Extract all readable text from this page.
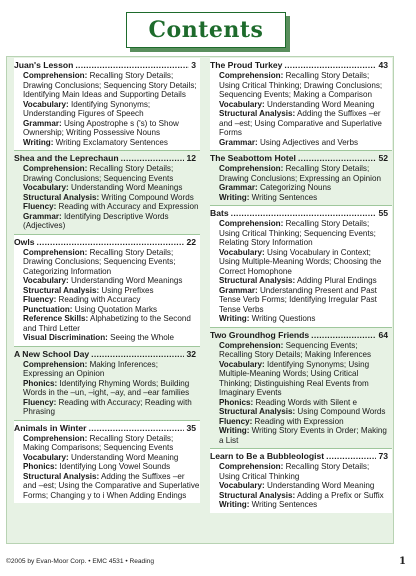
Contents
Juan's Lesson .....	3
Comprehension: Recalling Story Details; Drawing Conclusions; Sequencing Story Details; Identifying Main Ideas and Supporting Details
Vocabulary: Identifying Synonyms; Understanding Figures of Speech
Grammar: Using Apostrophe s ('s) to Show Ownership; Writing Possessive Nouns
Writing: Writing Exclamatory Sentences
Shea and the Leprechaun .....	12
Comprehension: Recalling Story Details; Drawing Conclusions; Sequencing Events
Vocabulary: Understanding Word Meanings
Structural Analysis: Writing Compound Words
Fluency: Reading with Accuracy and Expression
Grammar: Identifying Descriptive Words (Adjectives)
Owls .....	22
Comprehension: Recalling Story Details; Drawing Conclusions; Sequencing Events; Categorizing Information
Vocabulary: Understanding Word Meanings
Structural Analysis: Using Prefixes
Fluency: Reading with Accuracy
Punctuation: Using Quotation Marks
Reference Skills: Alphabetizing to the Second and Third Letter
Visual Discrimination: Seeing the Whole
A New School Day .....	32
Comprehension: Making Inferences; Expressing an Opinion
Phonics: Identifying Rhyming Words; Building Words in the –un, –ight, –ay, and –ear families
Fluency: Reading with Accuracy; Reading with Phrasing
Animals in Winter .....	35
Comprehension: Recalling Story Details; Making Comparisons; Sequencing Events
Vocabulary: Understanding Word Meaning
Phonics: Identifying Long Vowel Sounds
Structural Analysis: Adding the Suffixes –er and –est; Using the Comparative and Superlative Forms; Changing y to i When Adding Endings
The Proud Turkey .....	43
Comprehension: Recalling Story Details; Using Critical Thinking; Drawing Conclusions; Sequencing Events; Making a Comparison
Vocabulary: Understanding Word Meaning
Structural Analysis: Adding the Suffixes –er and –est; Using Comparative and Superlative Forms
Grammar: Using Adjectives and Verbs
The Seabottom Hotel .....	52
Comprehension: Recalling Story Details; Drawing Conclusions; Expressing an Opinion
Grammar: Categorizing Nouns
Writing: Writing Sentences
Bats .....	55
Comprehension: Recalling Story Details; Using Critical Thinking; Sequencing Events; Relating Story Information
Vocabulary: Using Vocabulary in Context; Using Multiple-Meaning Words; Choosing the Correct Homophone
Structural Analysis: Adding Plural Endings
Grammar: Understanding Present and Past Tense Verb Forms; Identifying Irregular Past Tense Verbs
Writing: Writing Questions
Two Groundhog Friends .....	64
Comprehension: Sequencing Events; Recalling Story Details; Making Inferences
Vocabulary: Identifying Synonyms; Using Multiple-Meaning Words; Using Critical Thinking; Distinguishing Real Events from Imaginary Events
Phonics: Reading Words with Silent e
Structural Analysis: Using Compound Words
Fluency: Reading with Expression
Writing: Writing Story Events in Order; Making a List
Learn to Be a Bubbleologist .....	73
Comprehension: Recalling Story Details; Using Critical Thinking
Vocabulary: Understanding Word Meaning
Structural Analysis: Adding a Prefix or Suffix
Writing: Writing Sentences
©2005 by Evan-Moor Corp. • EMC 4531 • Reading	1
